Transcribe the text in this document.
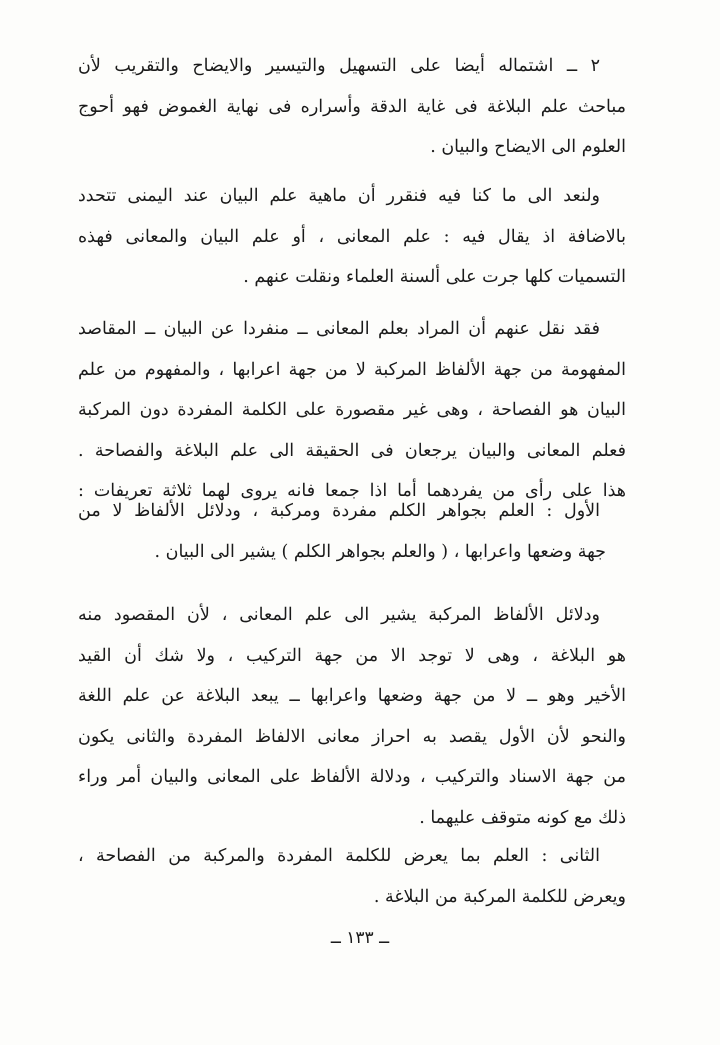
٢ ــ اشتماله أيضا على التسهيل والتيسير والايضاح والتقريب لأن
مباحث علم البلاغة فى غاية الدقة وأسراره فى نهاية الغموض فهو أحوج
العلوم الى الايضاح والبيان .
ولنعد الى ما كنا فيه فنقرر أن ماهية علم البيان عند اليمنى تتحدد
بالاضافة اذ يقال فيه : علم المعانى ، أو علم البيان والمعانى فهذه
التسميات كلها جرت على ألسنة العلماء ونقلت عنهم .
فقد نقل عنهم أن المراد بعلم المعانى ــ منفردا عن البيان ــ المقاصد
المفهومة من جهة الألفاظ المركبة لا من جهة اعرابها ، والمفهوم من علم
البيان هو الفصاحة ، وهى غير مقصورة على الكلمة المفردة دون المركبة
فعلم المعانى والبيان يرجعان فى الحقيقة الى علم البلاغة والفصاحة .
هذا على رأى من يفردهما أما اذا جمعا فانه يروى لهما ثلاثة تعريفات :
الأول : العلم بجواهر الكلم مفردة ومركبة ، ودلائل الألفاظ لا من
جهة وضعها واعرابها ، ( والعلم بجواهر الكلم ) يشير الى البيان .
ودلائل الألفاظ المركبة يشير الى علم المعانى ، لأن المقصود منه
هو البلاغة ، وهى لا توجد الا من جهة التركيب ، ولا شك أن القيد
الأخير وهو ــ لا من جهة وضعها واعرابها ــ يبعد البلاغة عن علم اللغة
والنحو لأن الأول يقصد به احراز معانى الالفاظ المفردة والثانى يكون
من جهة الاسناد والتركيب ، ودلالة الألفاظ على المعانى والبيان أمر وراء
ذلك مع كونه متوقف عليهما .
الثانى : العلم بما يعرض للكلمة المفردة والمركبة من الفصاحة ،
ويعرض للكلمة المركبة من البلاغة .
ــ ١٣٣ ــ
